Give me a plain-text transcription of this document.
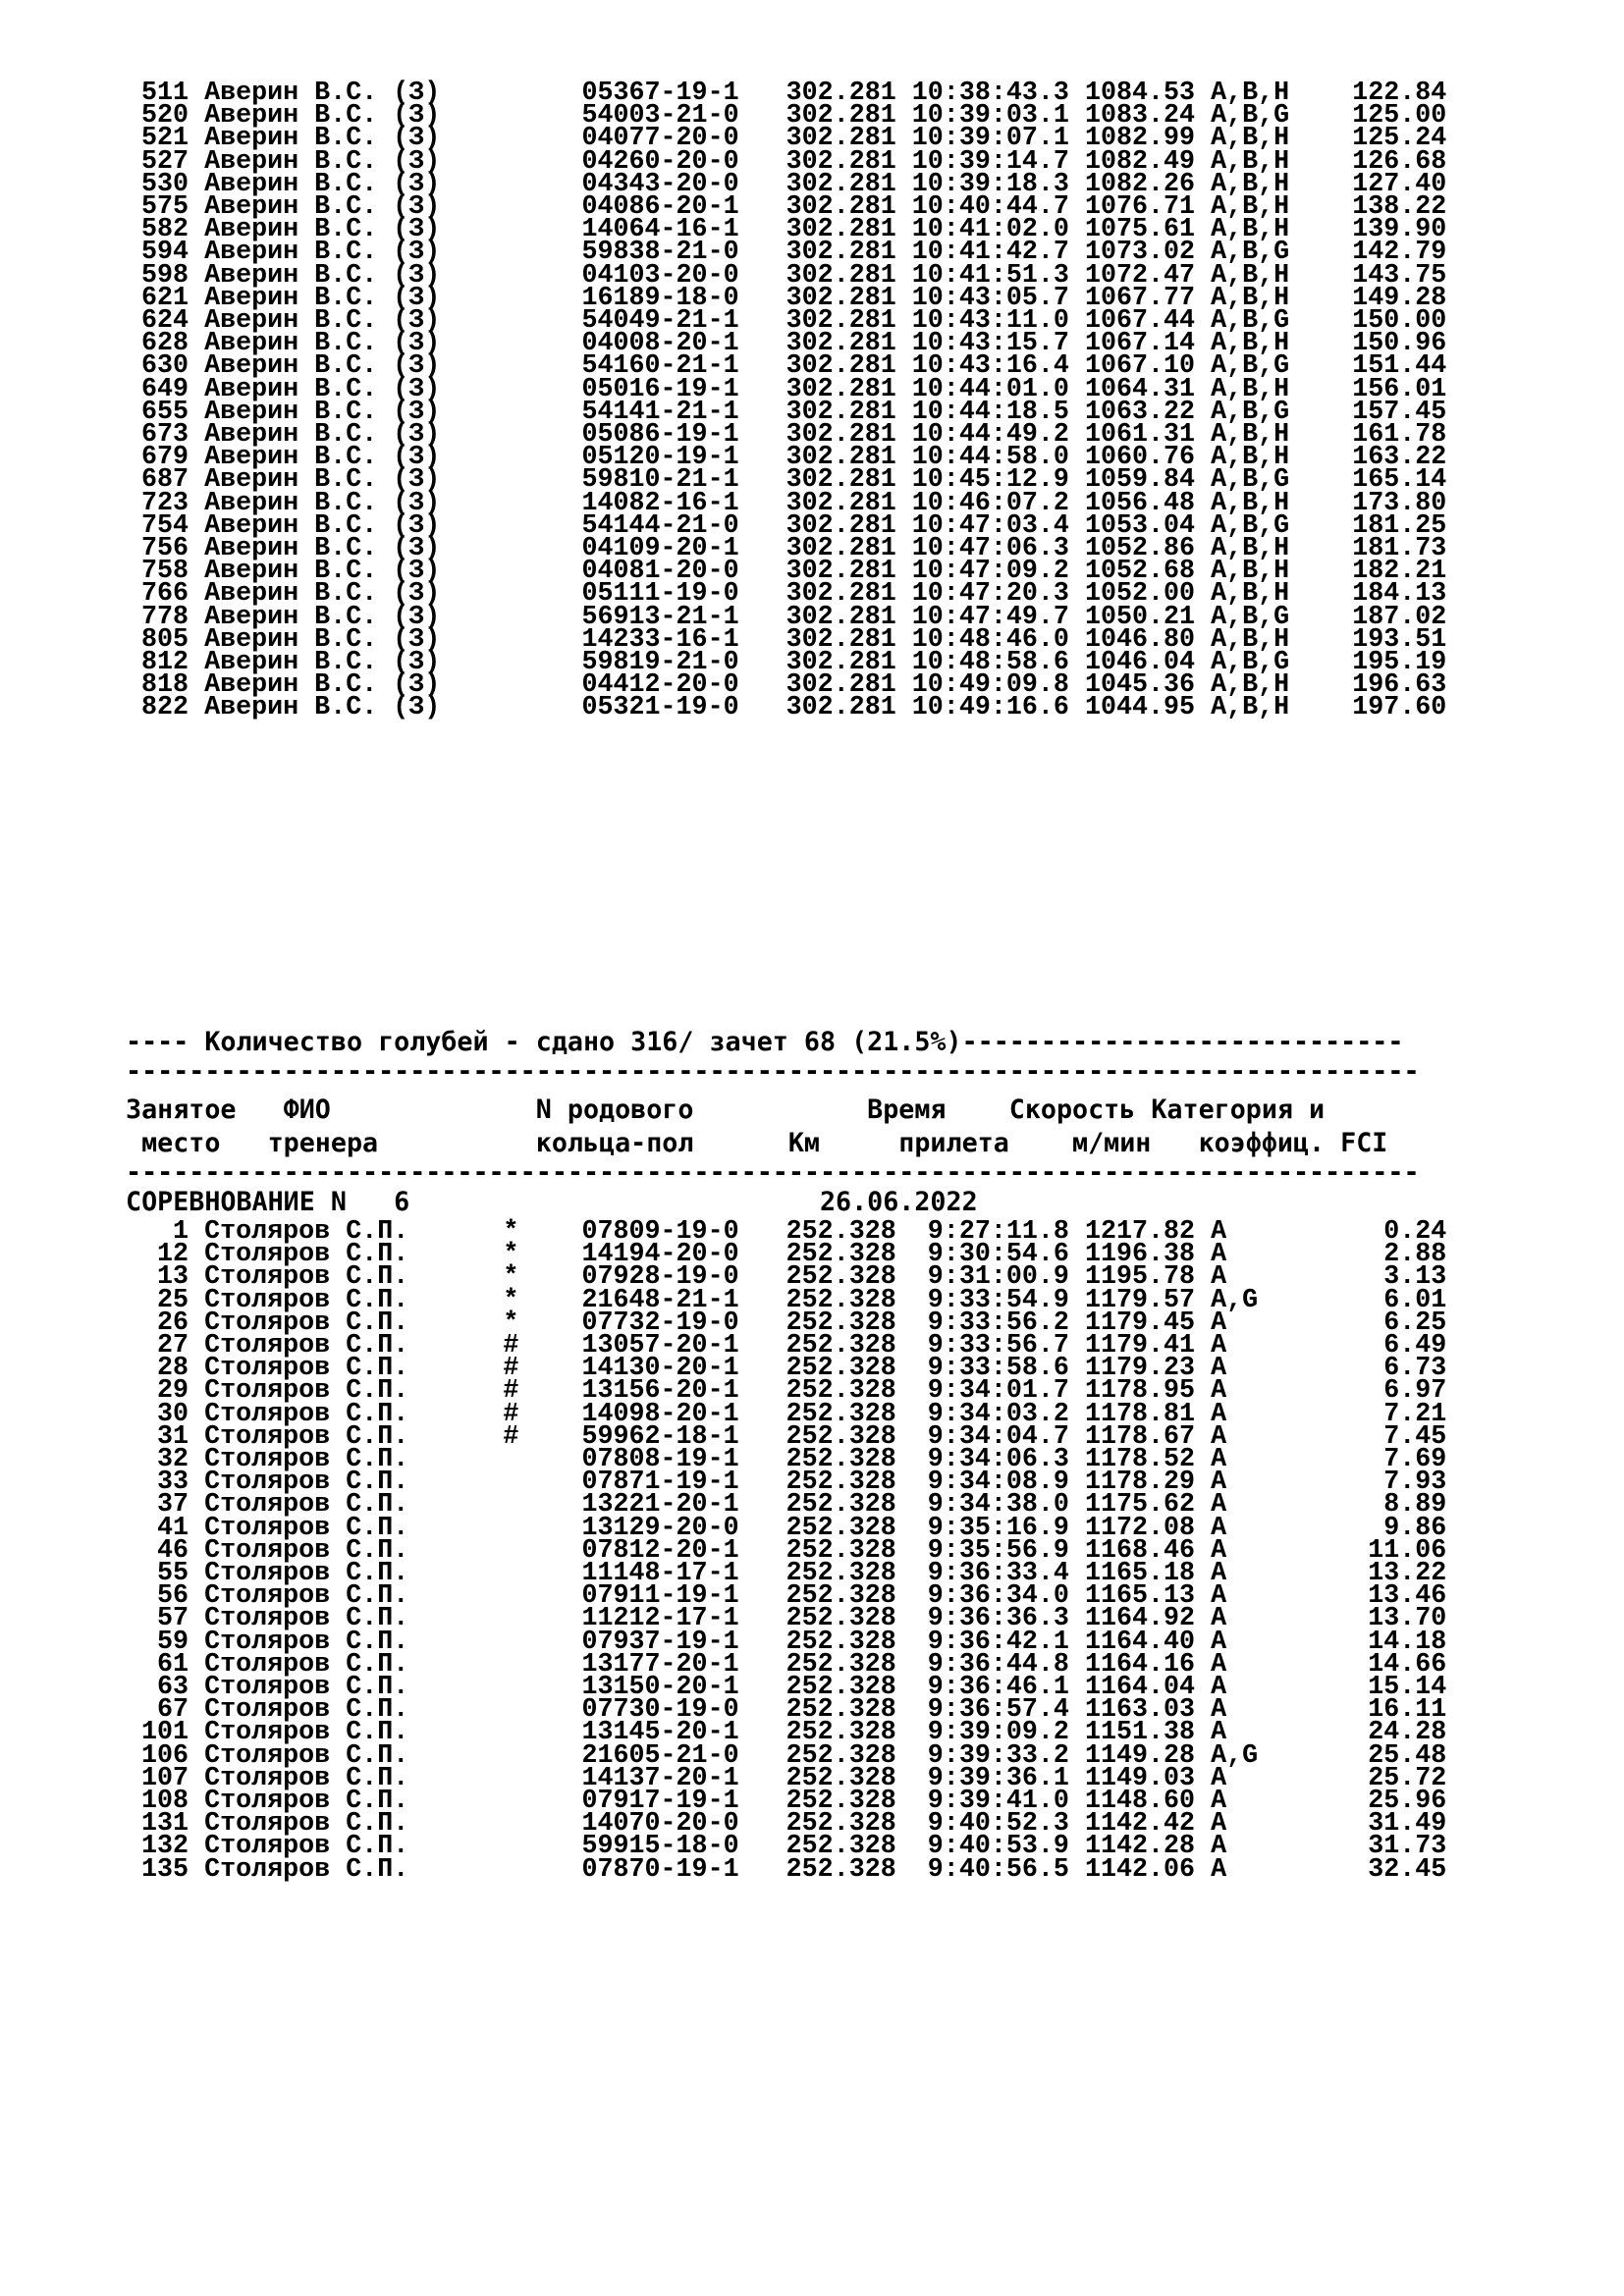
511 Аверин В.С. (З)	05367-19-1 302.281 10:38:43.3 1084.53 A,B,H    122.84
520 Аверин В.С. (З)	54003-21-0 302.281 10:39:03.1 1083.24 A,B,G    125.00
521 Аверин В.С. (З)	04077-20-0 302.281 10:39:07.1 1082.99 A,B,H    125.24
527 Аверин В.С. (З)	04260-20-0 302.281 10:39:14.7 1082.49 A,B,H    126.68
530 Аверин В.С. (З)	04343-20-0 302.281 10:39:18.3 1082.26 A,B,H    127.40
575 Аверин В.С. (З)	04086-20-1 302.281 10:40:44.7 1076.71 A,B,H    138.22
582 Аверин В.С. (З)	14064-16-1 302.281 10:41:02.0 1075.61 A,B,H    139.90
594 Аверин В.С. (З)	59838-21-0 302.281 10:41:42.7 1073.02 A,B,G    142.79
598 Аверин В.С. (З)	04103-20-0 302.281 10:41:51.3 1072.47 A,B,H    143.75
621 Аверин В.С. (З)	16189-18-0 302.281 10:43:05.7 1067.77 A,B,H    149.28
624 Аверин В.С. (З)	54049-21-1 302.281 10:43:11.0 1067.44 A,B,G    150.00
628 Аверин В.С. (З)	04008-20-1 302.281 10:43:15.7 1067.14 A,B,H    150.96
630 Аверин В.С. (З)	54160-21-1 302.281 10:43:16.4 1067.10 A,B,G    151.44
649 Аверин В.С. (З)	05016-19-1 302.281 10:44:01.0 1064.31 A,B,H    156.01
655 Аверин В.С. (З)	54141-21-1 302.281 10:44:18.5 1063.22 A,B,G    157.45
673 Аверин В.С. (З)	05086-19-1 302.281 10:44:49.2 1061.31 A,B,H    161.78
679 Аверин В.С. (З)	05120-19-1 302.281 10:44:58.0 1060.76 A,B,H    163.22
687 Аверин В.С. (З)	59810-21-1 302.281 10:45:12.9 1059.84 A,B,G    165.14
723 Аверин В.С. (З)	14082-16-1 302.281 10:46:07.2 1056.48 A,B,H    173.80
754 Аверин В.С. (З)	54144-21-0 302.281 10:47:03.4 1053.04 A,B,G    181.25
756 Аверин В.С. (З)	04109-20-1 302.281 10:47:06.3 1052.86 A,B,H    181.73
758 Аверин В.С. (З)	04081-20-0 302.281 10:47:09.2 1052.68 A,B,H    182.21
766 Аверин В.С. (З)	05111-19-0 302.281 10:47:20.3 1052.00 A,B,H    184.13
778 Аверин В.С. (З)	56913-21-1 302.281 10:47:49.7 1050.21 A,B,G    187.02
805 Аверин В.С. (З)	14233-16-1 302.281 10:48:46.0 1046.80 A,B,H    193.51
812 Аверин В.С. (З)	59819-21-0 302.281 10:48:58.6 1046.04 A,B,G    195.19
818 Аверин В.С. (З)	04412-20-0 302.281 10:49:09.8 1045.36 A,B,H    196.63
822 Аверин В.С. (З)	05321-19-0 302.281 10:49:16.6 1044.95 A,B,H    197.60
---- Количество голубей - сдано 316/ зачет 68 (21.5%)----------------------------
----------------------------------------------------------------------------------
Занятое   ФИО             N родового           Время    Скорость Категория и
место   тренера          кольца-пол      Км     прилета    м/мин   коэффиц. FCI
----------------------------------------------------------------------------------
СОРЕВНОВАНИЕ N   6                          26.06.2022
1 Столяров С.П.      * 07809-19-0 252.328  9:27:11.8 1217.82 A          0.24
12 Столяров С.П.      * 14194-20-0 252.328  9:30:54.6 1196.38 A          2.88
13 Столяров С.П.      * 07928-19-0 252.328  9:31:00.9 1195.78 A          3.13
25 Столяров С.П.      * 21648-21-1 252.328  9:33:54.9 1179.57 A,G        6.01
26 Столяров С.П.      * 07732-19-0 252.328  9:33:56.2 1179.45 A          6.25
27 Столяров С.П.      # 13057-20-1 252.328  9:33:56.7 1179.41 A          6.49
28 Столяров С.П.      # 14130-20-1 252.328  9:33:58.6 1179.23 A          6.73
29 Столяров С.П.      # 13156-20-1 252.328  9:34:01.7 1178.95 A          6.97
30 Столяров С.П.      # 14098-20-1 252.328  9:34:03.2 1178.81 A          7.21
31 Столяров С.П.      # 59962-18-1 252.328  9:34:04.7 1178.67 A          7.45
32 Столяров С.П.	07808-19-1 252.328  9:34:06.3 1178.52 A          7.69
33 Столяров С.П.	07871-19-1 252.328  9:34:08.9 1178.29 A          7.93
37 Столяров С.П.	13221-20-1 252.328  9:34:38.0 1175.62 A          8.89
41 Столяров С.П.	13129-20-0 252.328  9:35:16.9 1172.08 A          9.86
46 Столяров С.П.	07812-20-1 252.328  9:35:56.9 1168.46 A         11.06
55 Столяров С.П.	11148-17-1 252.328  9:36:33.4 1165.18 A         13.22
56 Столяров С.П.	07911-19-1 252.328  9:36:34.0 1165.13 A         13.46
57 Столяров С.П.	11212-17-1 252.328  9:36:36.3 1164.92 A         13.70
59 Столяров С.П.	07937-19-1 252.328  9:36:42.1 1164.40 A         14.18
61 Столяров С.П.	13177-20-1 252.328  9:36:44.8 1164.16 A         14.66
63 Столяров С.П.	13150-20-1 252.328  9:36:46.1 1164.04 A         15.14
67 Столяров С.П.	07730-19-0 252.328  9:36:57.4 1163.03 A         16.11
101 Столяров С.П.	13145-20-1 252.328  9:39:09.2 1151.38 A         24.28
106 Столяров С.П.	21605-21-0 252.328  9:39:33.2 1149.28 A,G       25.48
107 Столяров С.П.	14137-20-1 252.328  9:39:36.1 1149.03 A         25.72
108 Столяров С.П.	07917-19-1 252.328  9:39:41.0 1148.60 A         25.96
131 Столяров С.П.	14070-20-0 252.328  9:40:52.3 1142.42 A         31.49
132 Столяров С.П.	59915-18-0 252.328  9:40:53.9 1142.28 A         31.73
135 Столяров С.П.	07870-19-1 252.328  9:40:56.5 1142.06 A         32.45
